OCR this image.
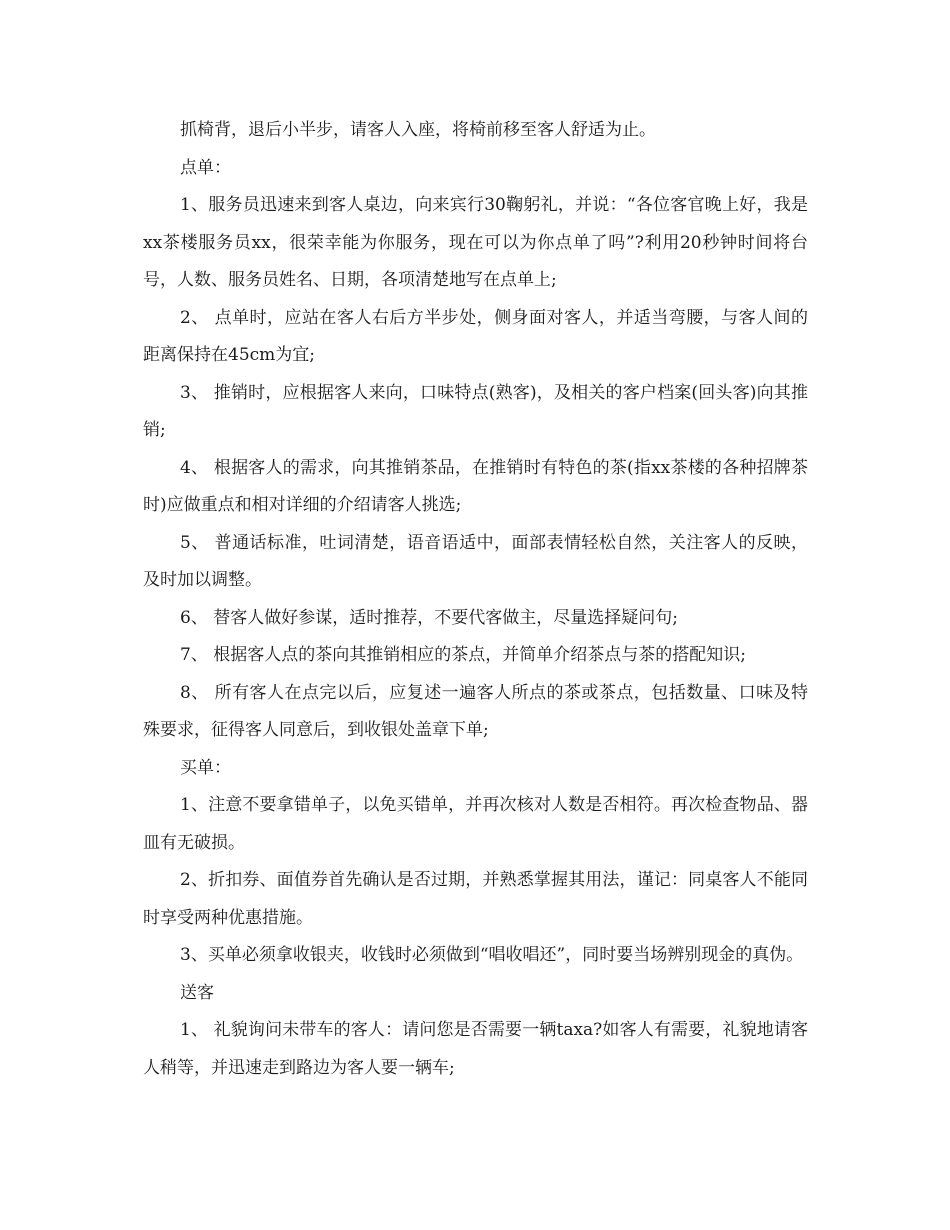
抓椅背，退后小半步，请客人入座，将椅前移至客人舒适为止。

点单：

1、服务员迅速来到客人桌边，向来宾行30鞠躬礼，并说：“各位客官晚上好，我是xx茶楼服务员xx，很荣幸能为你服务，现在可以为你点单了吗”?利用20秒钟时间将台号，人数、服务员姓名、日期，各项清楚地写在点单上;

2、 点单时，应站在客人右后方半步处，侧身面对客人，并适当弯腰，与客人间的距离保持在45cm为宜;

3、 推销时，应根据客人来向，口味特点(熟客)，及相关的客户档案(回头客)向其推销;

4、 根据客人的需求，向其推销茶品，在推销时有特色的茶(指xx茶楼的各种招牌茶时)应做重点和相对详细的介绍请客人挑选;

5、 普通话标准，吐词清楚，语音语适中，面部表情轻松自然，关注客人的反映，及时加以调整。

6、 替客人做好参谋，适时推荐，不要代客做主，尽量选择疑问句;

7、 根据客人点的茶向其推销相应的茶点，并简单介绍茶点与茶的搭配知识;

8、 所有客人在点完以后，应复述一遍客人所点的茶或茶点，包括数量、口味及特殊要求，征得客人同意后，到收银处盖章下单;

买单：

1、注意不要拿错单子，以免买错单，并再次核对人数是否相符。再次检查物品、器皿有无破损。

2、折扣券、面值券首先确认是否过期，并熟悉掌握其用法，谨记：同桌客人不能同时享受两种优惠措施。

3、买单必须拿收银夹，收钱时必须做到“唱收唱还”，同时要当场辨别现金的真伪。

送客

1、 礼貌询问未带车的客人：请问您是否需要一辆taxa?如客人有需要，礼貌地请客人稍等，并迅速走到路边为客人要一辆车;
